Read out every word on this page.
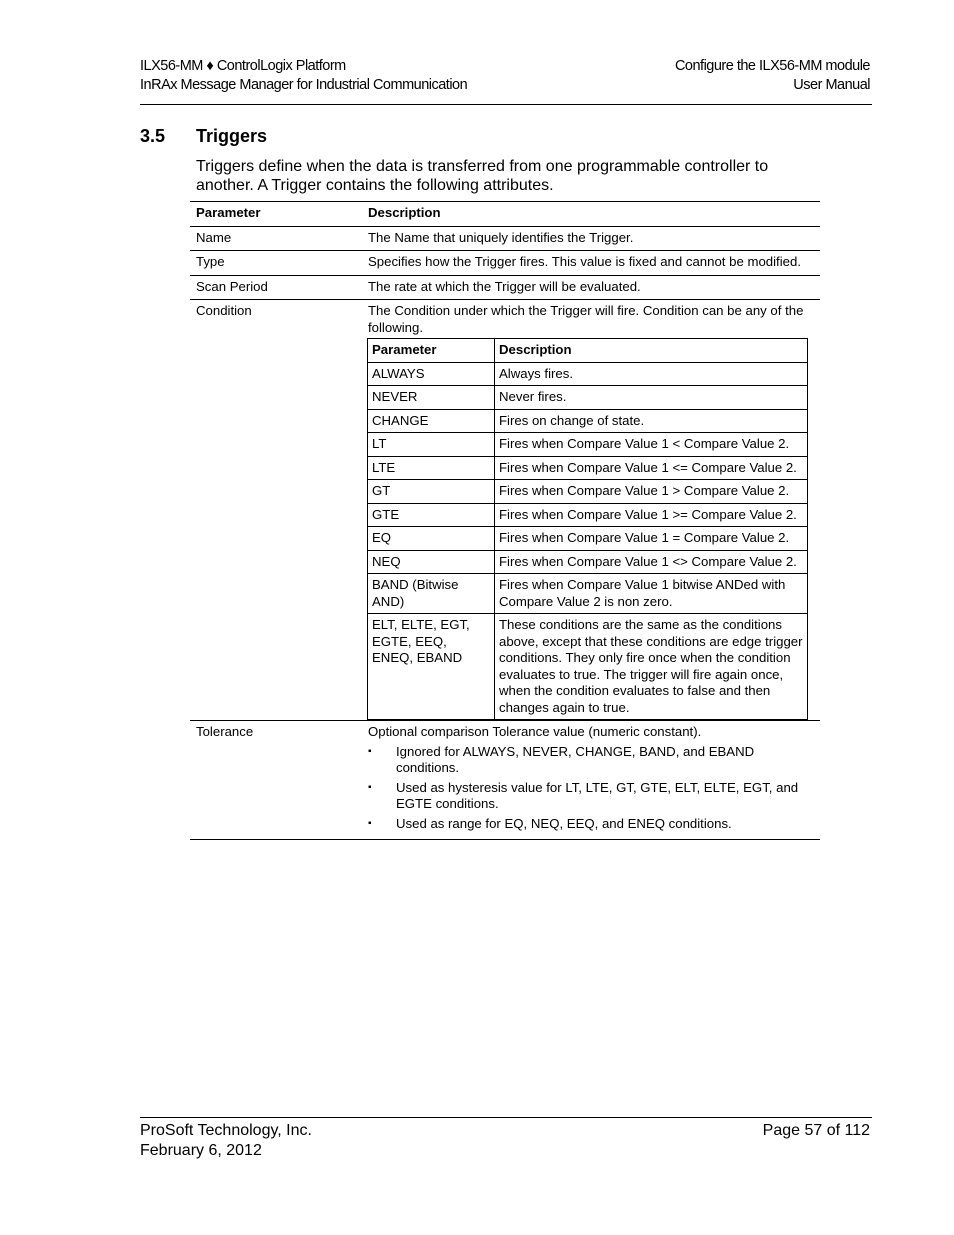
ILX56-MM ♦ ControlLogix Platform
InRAx Message Manager for Industrial Communication
Configure the ILX56-MM module
User Manual
3.5 Triggers
Triggers define when the data is transferred from one programmable controller to another. A Trigger contains the following attributes.
Parameter	Description
Name	The Name that uniquely identifies the Trigger.
Type	Specifies how the Trigger fires. This value is fixed and cannot be modified.
Scan Period	The rate at which the Trigger will be evaluated.
Condition	The Condition under which the Trigger will fire. Condition can be any of the following.
Parameter	Description
ALWAYS	Always fires.
NEVER	Never fires.
CHANGE	Fires on change of state.
LT	Fires when Compare Value 1 < Compare Value 2.
LTE	Fires when Compare Value 1 <= Compare Value 2.
GT	Fires when Compare Value 1 > Compare Value 2.
GTE	Fires when Compare Value 1 >= Compare Value 2.
EQ	Fires when Compare Value 1 = Compare Value 2.
NEQ	Fires when Compare Value 1 <> Compare Value 2.
BAND (Bitwise AND)	Fires when Compare Value 1 bitwise ANDed with Compare Value 2 is non zero.
ELT, ELTE, EGT, EGTE, EEQ, ENEQ, EBAND	These conditions are the same as the conditions above, except that these conditions are edge trigger conditions. They only fire once when the condition evaluates to true. The trigger will fire again once, when the condition evaluates to false and then changes again to true.

Tolerance	Optional comparison Tolerance value (numeric constant).
▪ Ignored for ALWAYS, NEVER, CHANGE, BAND, and EBAND conditions.
▪ Used as hysteresis value for LT, LTE, GT, GTE, ELT, ELTE, EGT, and EGTE conditions.
▪ Used as range for EQ, NEQ, EEQ, and ENEQ conditions.
ProSoft Technology, Inc.
February 6, 2012
Page 57 of 112
